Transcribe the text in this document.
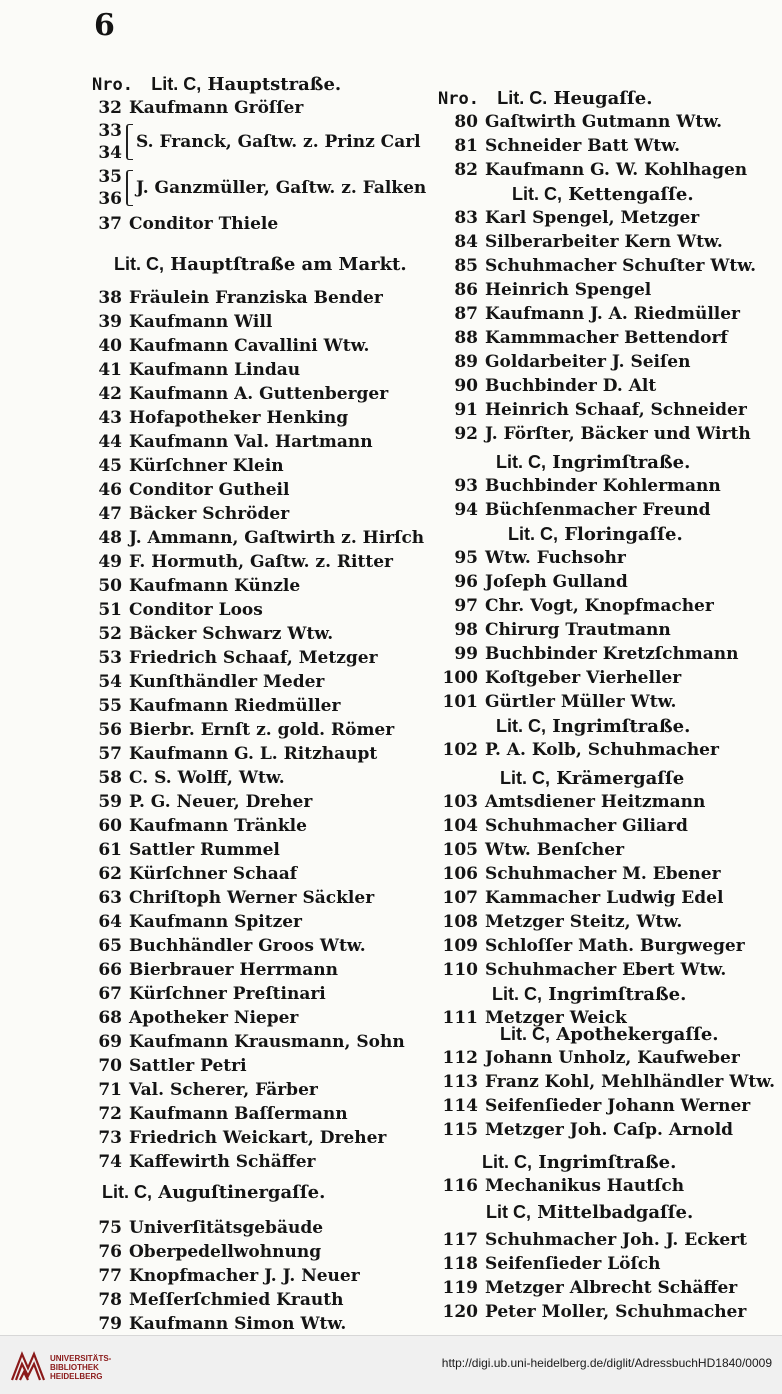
6
Nro. Lit. C, Hauptstraße.
32 Kaufmann Gröſſer
33
34
S. Franck, Gaſtw. z. Prinz Carl
35
36
J. Ganzmüller, Gaſtw. z. Falken
37 Conditor Thiele
Lit. C, Hauptſtraße am Markt.
38 Fräulein Franziska Bender
39 Kaufmann Will
40 Kaufmann Cavallini Wtw.
41 Kaufmann Lindau
42 Kaufmann A. Guttenberger
43 Hofapotheker Henking
44 Kaufmann Val. Hartmann
45 Kürſchner Klein
46 Conditor Gutheil
47 Bäcker Schröder
48 J. Ammann, Gaſtwirth z. Hirſch
49 F. Hormuth, Gaſtw. z. Ritter
50 Kaufmann Künzle
51 Conditor Loos
52 Bäcker Schwarz Wtw.
53 Friedrich Schaaf, Metzger
54 Kunſthändler Meder
55 Kaufmann Riedmüller
56 Bierbr. Ernſt z. gold. Römer
57 Kaufmann G. L. Ritzhaupt
58 C. S. Wolff, Wtw.
59 P. G. Neuer, Dreher
60 Kaufmann Tränkle
61 Sattler Rummel
62 Kürſchner Schaaf
63 Chriſtoph Werner Säckler
64 Kaufmann Spitzer
65 Buchhändler Groos Wtw.
66 Bierbrauer Herrmann
67 Kürſchner Preſtinari
68 Apotheker Nieper
69 Kaufmann Krausmann, Sohn
70 Sattler Petri
71 Val. Scherer, Färber
72 Kaufmann Baſſermann
73 Friedrich Weickart, Dreher
74 Kaffewirth Schäffer
Lit. C, Auguſtinergaſſe.
75 Univerſitätsgebäude
76 Oberpedellwohnung
77 Knopfmacher J. J. Neuer
78 Meſſerſchmied Krauth
79 Kaufmann Simon Wtw.
Nro. Lit. C. Heugaſſe.
80 Gaſtwirth Gutmann Wtw.
81 Schneider Batt Wtw.
82 Kaufmann G. W. Kohlhagen
Lit. C, Kettengaſſe.
83 Karl Spengel, Metzger
84 Silberarbeiter Kern Wtw.
85 Schuhmacher Schuſter Wtw.
86 Heinrich Spengel
87 Kaufmann J. A. Riedmüller
88 Kammmacher Bettendorf
89 Goldarbeiter J. Seiſen
90 Buchbinder D. Alt
91 Heinrich Schaaf, Schneider
92 J. Förſter, Bäcker und Wirth
Lit. C, Ingrimſtraße.
93 Buchbinder Kohlermann
94 Büchſenmacher Freund
Lit. C, Floringaſſe.
95 Wtw. Fuchsohr
96 Joſeph Gulland
97 Chr. Vogt, Knopfmacher
98 Chirurg Trautmann
99 Buchbinder Kretzſchmann
100 Koſtgeber Vierheller
101 Gürtler Müller Wtw.
Lit. C, Ingrimſtraße.
102 P. A. Kolb, Schuhmacher
Lit. C, Krämergaſſe
103 Amtsdiener Heitzmann
104 Schuhmacher Giliard
105 Wtw. Benſcher
106 Schuhmacher M. Ebener
107 Kammacher Ludwig Edel
108 Metzger Steitz, Wtw.
109 Schloſſer Math. Burgweger
110 Schuhmacher Ebert Wtw.
Lit. C, Ingrimſtraße.
111 Metzger Weick
Lit. C, Apothekergaſſe.
112 Johann Unholz, Kaufweber
113 Franz Kohl, Mehlhändler Wtw.
114 Seifenſieder Johann Werner
115 Metzger Joh. Caſp. Arnold
Lit. C, Ingrimſtraße.
116 Mechanikus Hautſch
Lit C, Mittelbadgaſſe.
117 Schuhmacher Joh. J. Eckert
118 Seifenſieder Löſch
119 Metzger Albrecht Schäffer
120 Peter Moller, Schuhmacher
UNIVERSITÄTS-
BIBLIOTHEK
HEIDELBERG
http://digi.ub.uni-heidelberg.de/diglit/AdressbuchHD1840/0009
